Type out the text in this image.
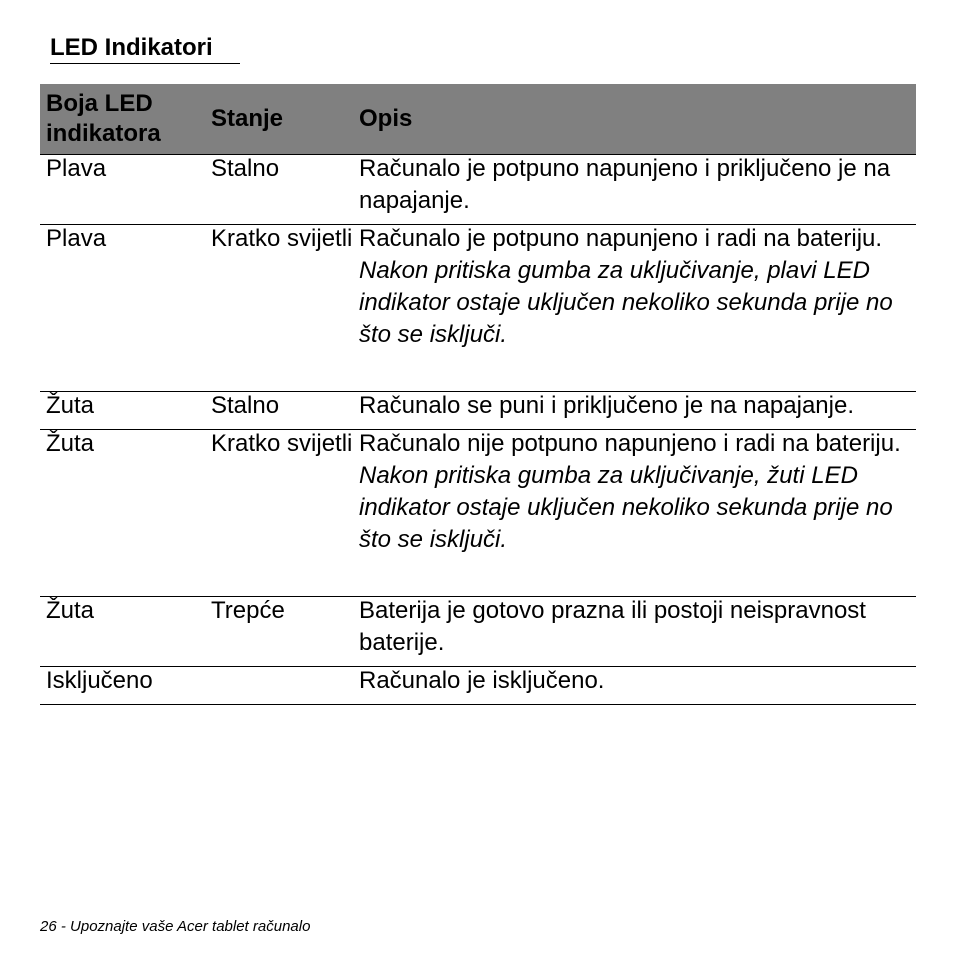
LED Indikatori
Boja LED indikatora	Stanje	Opis

Plava	Stalno	Računalo je potpuno napunjeno i priključeno je na napajanje.

Plava	Kratko svijetli	Računalo je potpuno napunjeno i radi na bateriju.
Nakon pritiska gumba za uključivanje, plavi LED indikator ostaje uključen nekoliko sekunda prije no što se isključi.

Žuta	Stalno	Računalo se puni i priključeno je na napajanje.

Žuta	Kratko svijetli	Računalo nije potpuno napunjeno i radi na bateriju.
Nakon pritiska gumba za uključivanje, žuti LED indikator ostaje uključen nekoliko sekunda prije no što se isključi.

Žuta	Trepće	Baterija je gotovo prazna ili postoji neispravnost baterije.

Isključeno		Računalo je isključeno.
26 - Upoznajte vaše Acer tablet računalo
